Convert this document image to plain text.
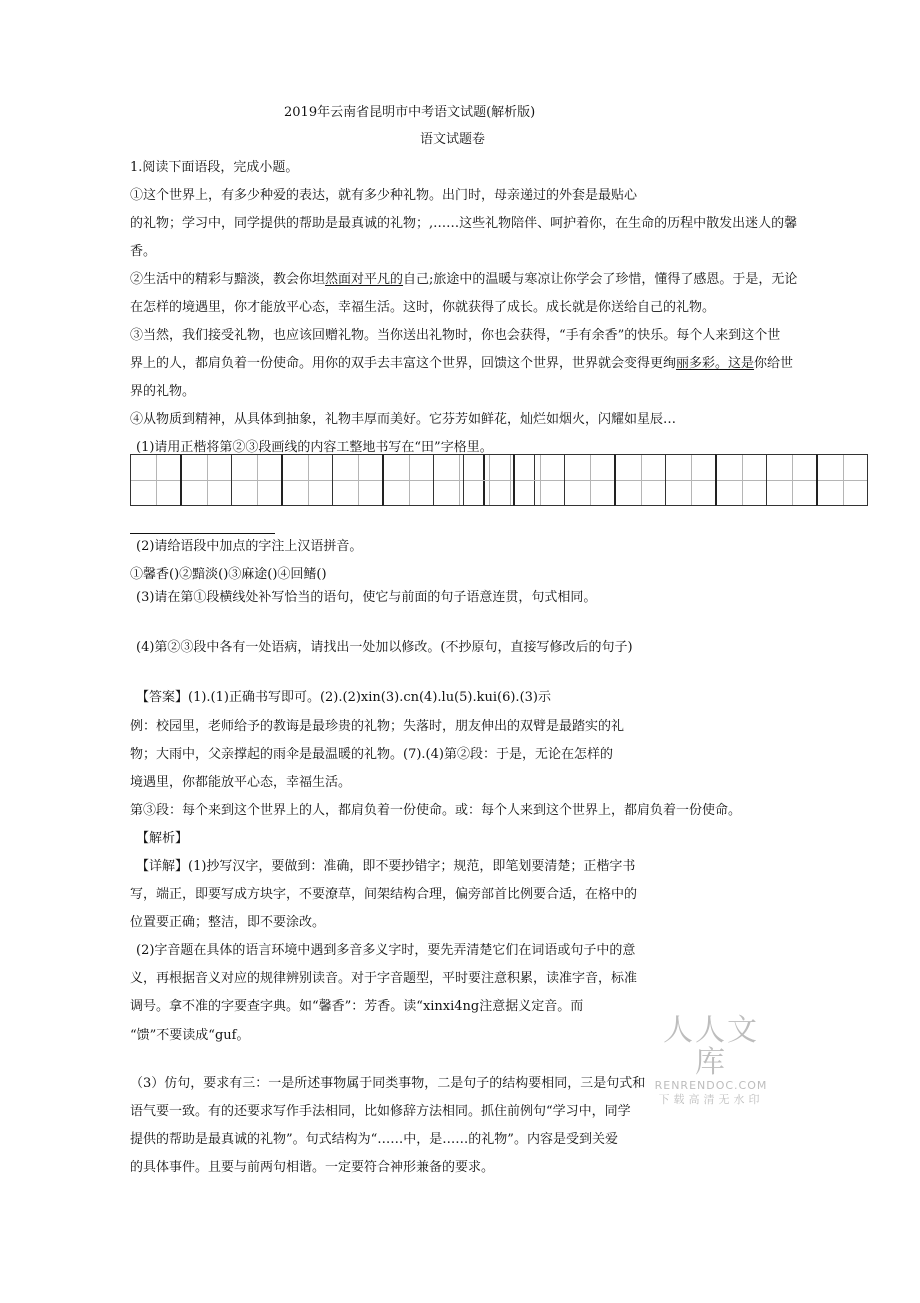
2019年云南省昆明市中考语文试题(解析版)
语文试题卷
1.阅读下面语段，完成小题。
①这个世界上，有多少种爱的表达，就有多少种礼物。出门时，母亲递过的外套是最贴心
的礼物；学习中，同学提供的帮助是最真诚的礼物；,……这些礼物陪伴、呵护着你，在生命的历程中散发出迷人的馨
香。
②生活中的精彩与黯淡，教会你坦然面对平凡的自己;旅途中的温暖与寒凉让你学会了珍惜，懂得了感恩。于是，无论
在怎样的境遇里，你才能放平心态，幸福生活。这时，你就获得了成长。成长就是你送给自己的礼物。
③当然，我们接受礼物，也应该回赠礼物。当你送出礼物时，你也会获得，“手有余香”的快乐。每个人来到这个世
界上的人，都肩负着一份使命。用你的双手去丰富这个世界，回馈这个世界，世界就会变得更绚丽多彩。这是你给世
界的礼物。
④从物质到精神，从具体到抽象，礼物丰厚而美好。它芬芳如鲜花，灿烂如烟火，闪耀如星辰…
(1)请用正楷将第②③段画线的内容工整地书写在“田”字格里。
(2)请给语段中加点的字注上汉语拼音。
①馨香()②黯淡()③麻途()④回鳍()
(3)请在第①段横线处补写恰当的语句，使它与前面的句子语意连贯，句式相同。
(4)第②③段中各有一处语病，请找出一处加以修改。(不抄原句，直接写修改后的句子)
【答案】(1).(1)正确书写即可。(2).(2)xin(3).cn(4).lu(5).kui(6).(3)示
例：校园里，老师给予的教诲是最珍贵的礼物；失落时，朋友伸出的双臂是最踏实的礼
物；大雨中，父亲撑起的雨伞是最温暖的礼物。(7).(4)第②段：于是，无论在怎样的
境遇里，你都能放平心态，幸福生活。
第③段：每个来到这个世界上的人，都肩负着一份使命。或：每个人来到这个世界上，都肩负着一份使命。
【解析】
【详解】(1)抄写汉字，要做到：准确，即不要抄错字；规范，即笔划要清楚；正楷字书
写，端正，即要写成方块字，不要潦草，间架结构合理，偏旁部首比例要合适，在格中的
位置要正确；整洁，即不要涂改。
(2)字音题在具体的语言环境中遇到多音多义字时，要先弄清楚它们在词语或句子中的意
义，再根据音义对应的规律辨别读音。对于字音题型，平时要注意积累，读准字音，标准
调号。拿不准的字要查字典。如“馨香”：芳香。读“xinxi4ng注意据义定音。而
“馈”不要读成“guf。
（3）仿句，要求有三：一是所述事物属于同类事物，二是句子的结构要相同，三是句式和
语气要一致。有的还要求写作手法相同，比如修辞方法相同。抓住前例句“学习中，同学
提供的帮助是最真诚的礼物”。句式结构为“……中，是……的礼物”。内容是受到关爱
的具体事件。且要与前两句相谐。一定要符合神形兼备的要求。
人人文库
RENRENDOC.COM
下载高清无水印
